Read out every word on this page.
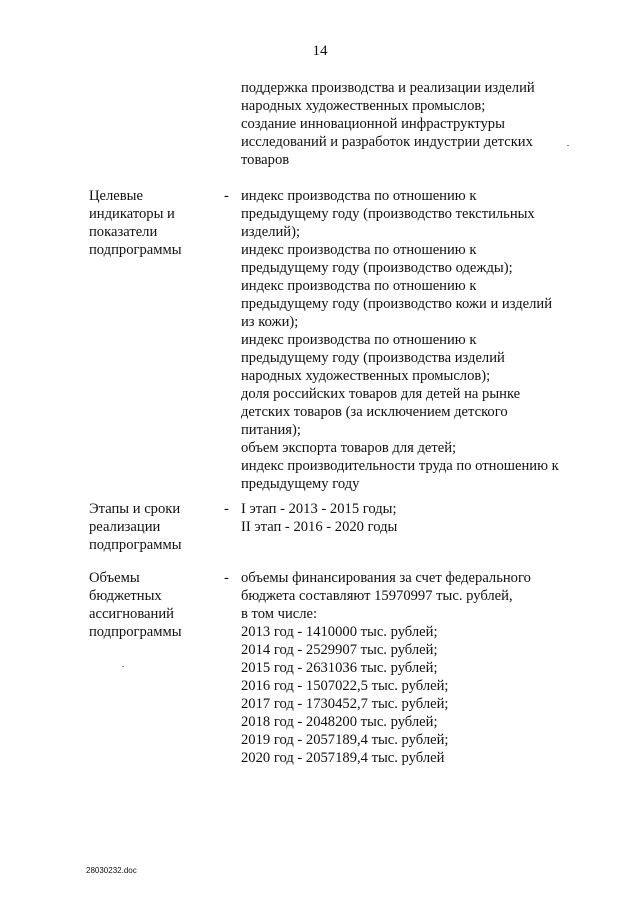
14
поддержка производства и реализации изделий
народных художественных промыслов;
создание инновационной инфраструктуры
исследований и разработок индустрии детских
товаров
Целевые
индикаторы и
показатели
подпрограммы
- индекс производства по отношению к
предыдущему году (производство текстильных
изделий);
индекс производства по отношению к
предыдущему году (производство одежды);
индекс производства по отношению к
предыдущему году (производство кожи и изделий
из кожи);
индекс производства по отношению к
предыдущему году (производства изделий
народных художественных промыслов);
доля российских товаров для детей на рынке
детских товаров (за исключением детского
питания);
объем экспорта товаров для детей;
индекс производительности труда по отношению к
предыдущему году
Этапы и сроки
реализации
подпрограммы
- I этап - 2013 - 2015 годы;
II этап - 2016 - 2020 годы
Объемы
бюджетных
ассигнований
подпрограммы
- объемы финансирования за счет федерального
бюджета составляют 15970997 тыс. рублей,
в том числе:
2013 год - 1410000 тыс. рублей;
2014 год - 2529907 тыс. рублей;
2015 год - 2631036 тыс. рублей;
2016 год - 1507022,5 тыс. рублей;
2017 год - 1730452,7 тыс. рублей;
2018 год - 2048200 тыс. рублей;
2019 год - 2057189,4 тыс. рублей;
2020 год - 2057189,4 тыс. рублей
28030232.doc
